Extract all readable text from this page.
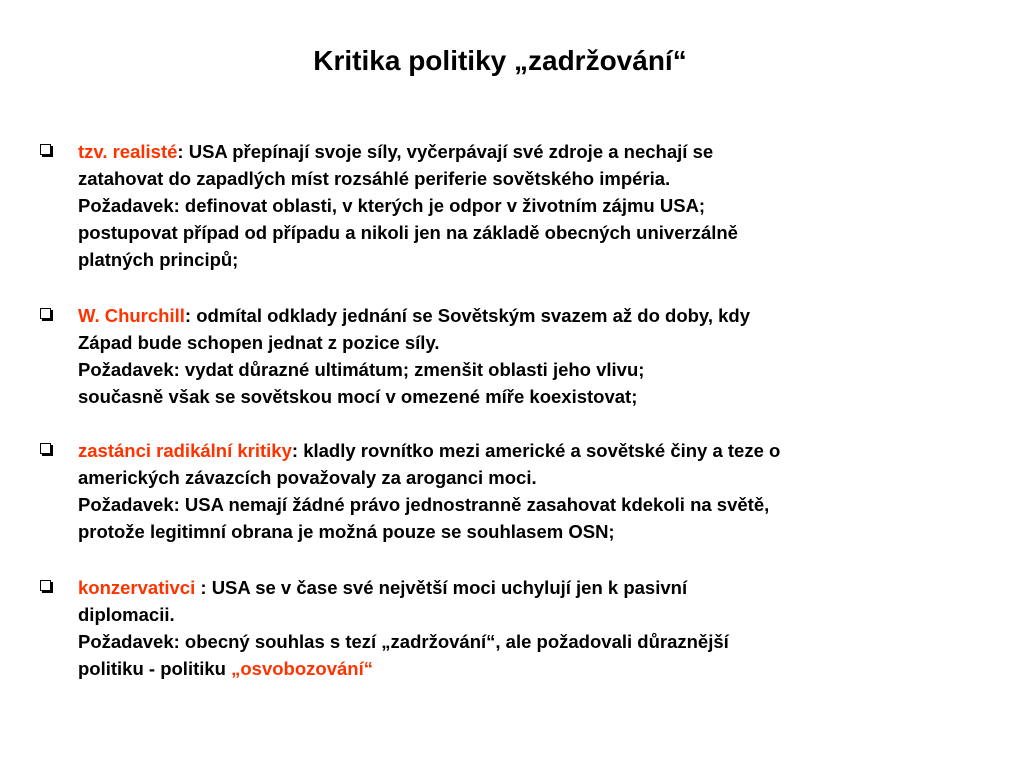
Kritika politiky „zadržování“
tzv. realisté: USA přepínají svoje síly, vyčerpávají své zdroje a nechají se
zatahovat do zapadlých míst rozsáhlé periferie sovětského impéria.
Požadavek: definovat oblasti, v kterých je odpor v životním zájmu USA;
postupovat případ od případu a nikoli jen na základě obecných univerzálně
platných principů;
W. Churchill: odmítal odklady jednání se Sovětským svazem až do doby, kdy
Západ bude schopen jednat z pozice síly.
Požadavek: vydat důrazné ultimátum; zmenšit oblasti jeho vlivu;
současně však se sovětskou mocí v omezené míře koexistovat;
zastánci radikální kritiky: kladly rovnítko mezi americké a sovětské činy a teze o
amerických závazcích považovaly za aroganci moci.
Požadavek: USA nemají žádné právo jednostranně zasahovat kdekoli na světě,
protože legitimní obrana je možná pouze se souhlasem OSN;
konzervativci : USA se v čase své největší moci uchylují jen k pasivní
diplomacii.
Požadavek: obecný souhlas s tezí „zadržování“, ale požadovali důraznější
politiku - politiku „osvobozování“
